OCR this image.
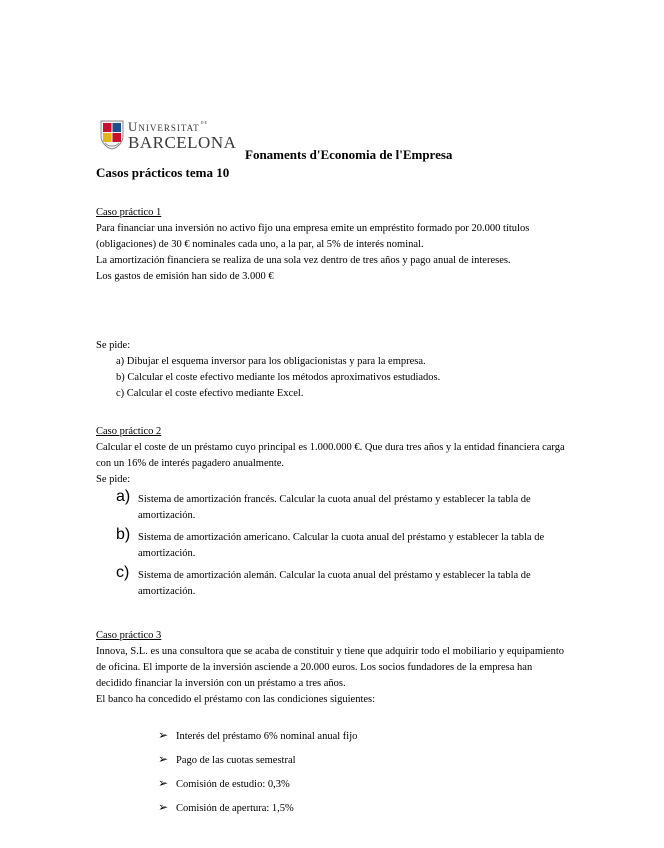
Universitat$^{de}$
BARCELONA
Fonaments d'Economia de l'Empresa
Casos prácticos tema 10

Caso práctico 1

Para financiar una inversión no activo fijo una empresa emite un empréstito formado por 20.000 títulos (obligaciones) de 30 € nominales cada uno, a la par, al 5% de interés nominal.

La amortización financiera se realiza de una sola vez dentro de tres años y pago anual de intereses.

Los gastos de emisión han sido de 3.000 €

Se pide:

a) Dibujar el esquema inversor para los obligacionistas y para la empresa.
b) Calcular el coste efectivo mediante los métodos aproximativos estudiados.
c) Calcular el coste efectivo mediante Excel.

Caso práctico 2

Calcular el coste de un préstamo cuyo principal es 1.000.000 €. Que dura tres años y la entidad financiera carga con un 16% de interés pagadero anualmente.

Se pide:

a) Sistema de amortización francés. Calcular la cuota anual del préstamo y establecer la tabla de amortización.
b) Sistema de amortización americano. Calcular la cuota anual del préstamo y establecer la tabla de amortización.
c) Sistema de amortización alemán. Calcular la cuota anual del préstamo y establecer la tabla de amortización.

Caso práctico 3

Innova, S.L. es una consultora que se acaba de constituir y tiene que adquirir todo el mobiliario y equipamiento de oficina. El importe de la inversión asciende a 20.000 euros. Los socios fundadores de la empresa han decidido financiar la inversión con un préstamo a tres años.

El banco ha concedido el préstamo con las condiciones siguientes:

➢ Interés del préstamo 6% nominal anual fijo
➢ Pago de las cuotas semestral
➢ Comisión de estudio: 0,3%
➢ Comisión de apertura: 1,5%
